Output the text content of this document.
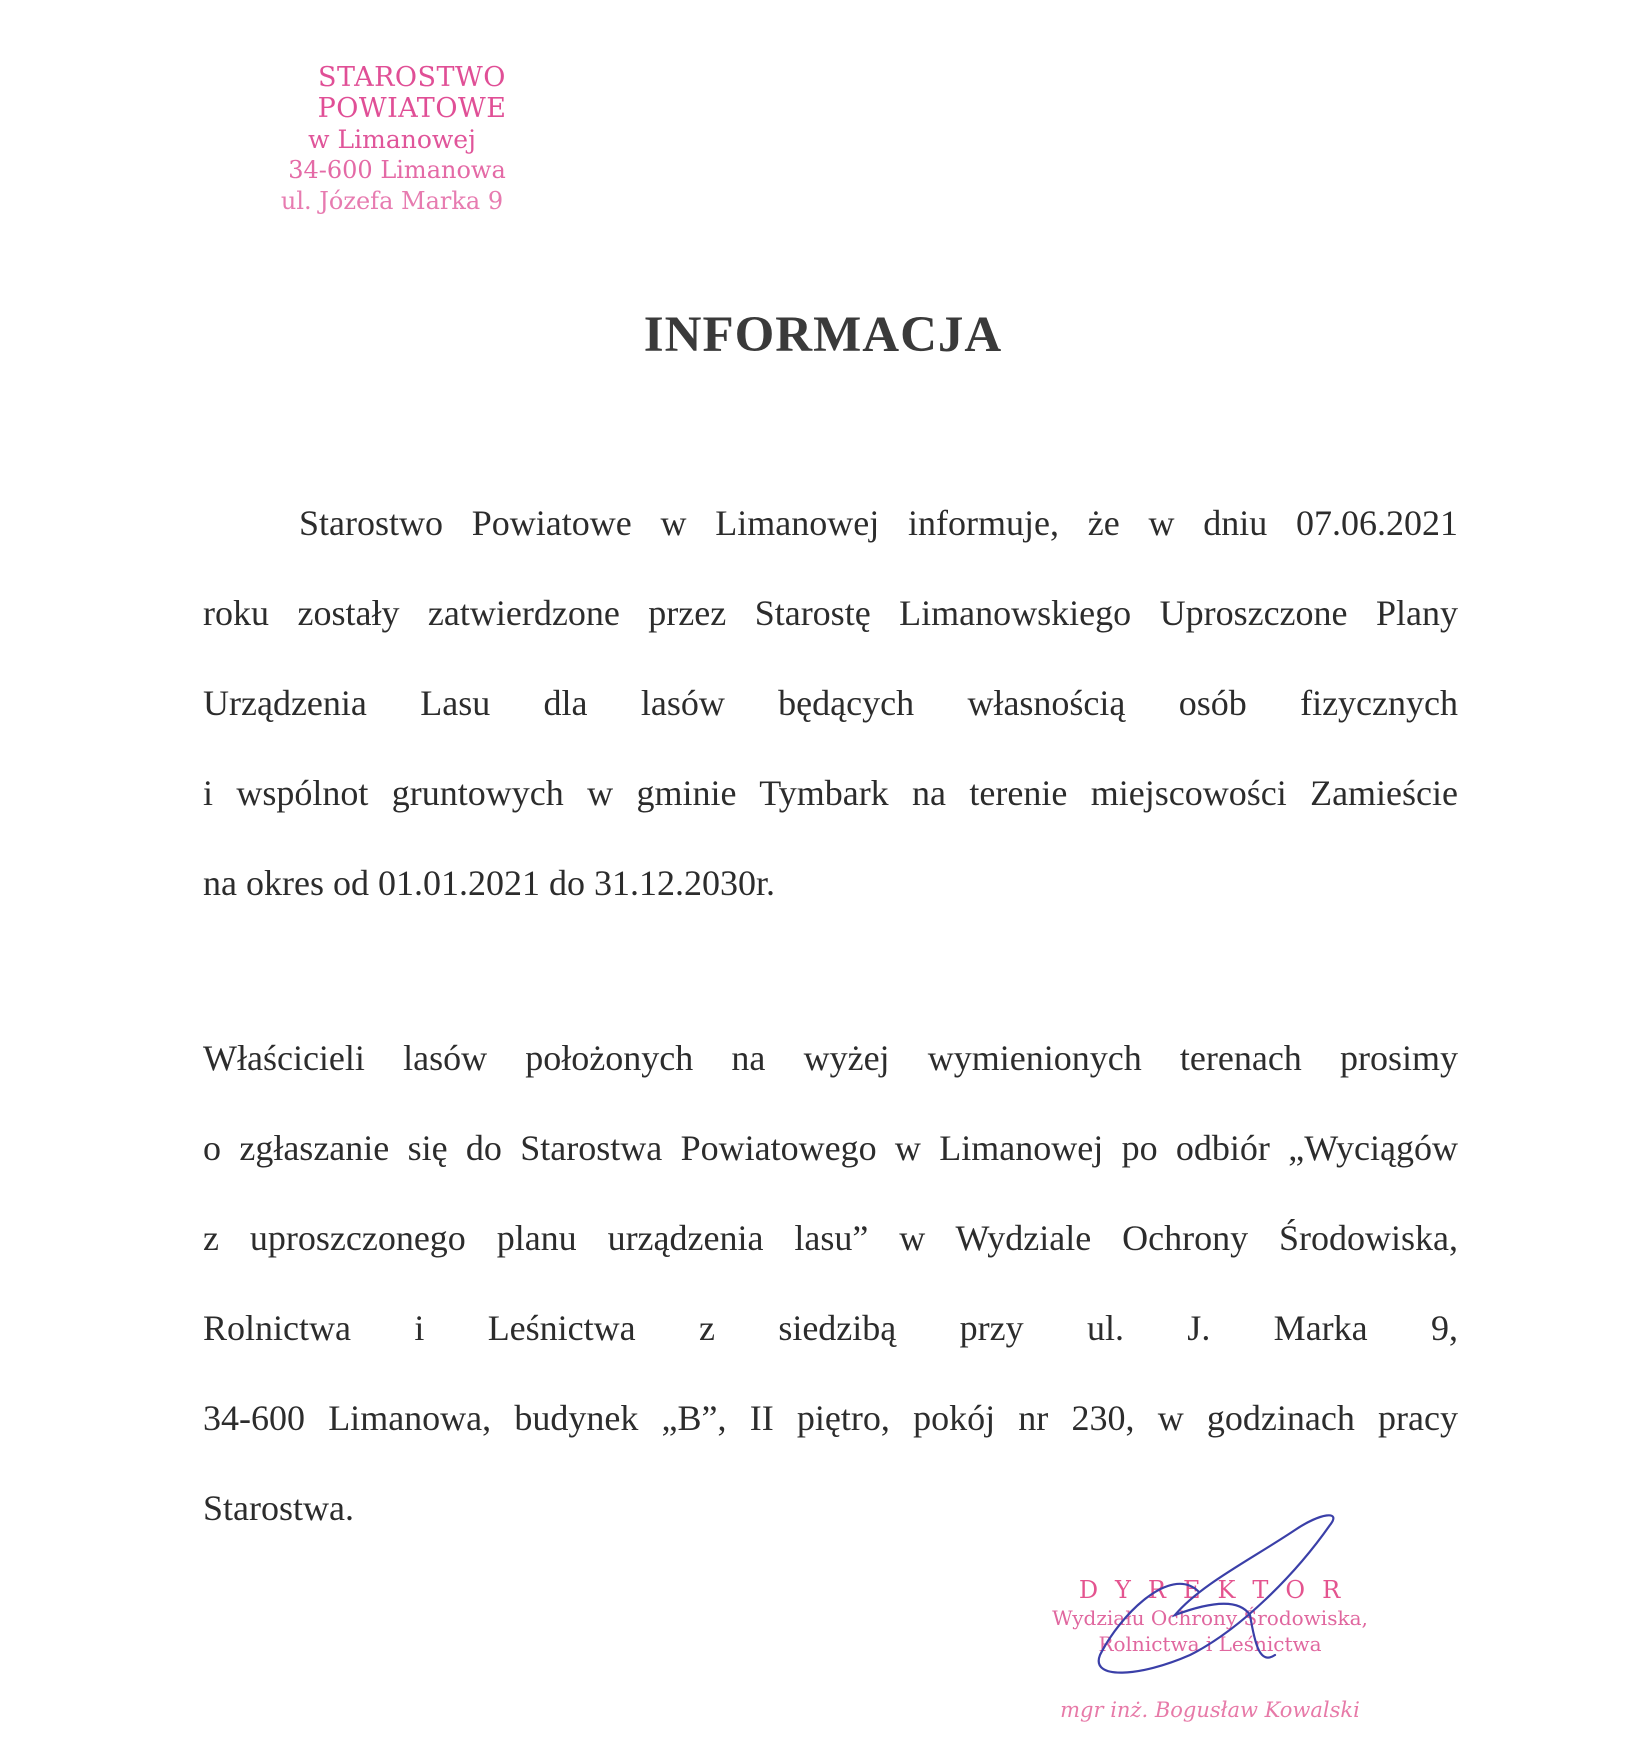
STAROSTWO POWIATOWE
w Limanowej
34-600 Limanowa
ul. Józefa Marka 9
INFORMACJA
Starostwo Powiatowe w Limanowej informuje, że w dniu 07.06.2021
roku zostały zatwierdzone przez Starostę Limanowskiego Uproszczone Plany
Urządzenia Lasu dla lasów będących własnością osób fizycznych
i wspólnot gruntowych w gminie Tymbark na terenie miejscowości Zamieście
na okres od 01.01.2021 do 31.12.2030r.
Właścicieli lasów położonych na wyżej wymienionych terenach prosimy
o zgłaszanie się do Starostwa Powiatowego w Limanowej po odbiór „Wyciągów
z uproszczonego planu urządzenia lasu” w Wydziale Ochrony Środowiska,
Rolnictwa i Leśnictwa z siedzibą przy ul. J. Marka 9,
34-600 Limanowa, budynek „B”, II piętro, pokój nr 230, w godzinach pracy
Starostwa.
DYREKTOR
Wydziału Ochrony Środowiska,
Rolnictwa i Leśnictwa
mgr inż. Bogusław Kowalski
